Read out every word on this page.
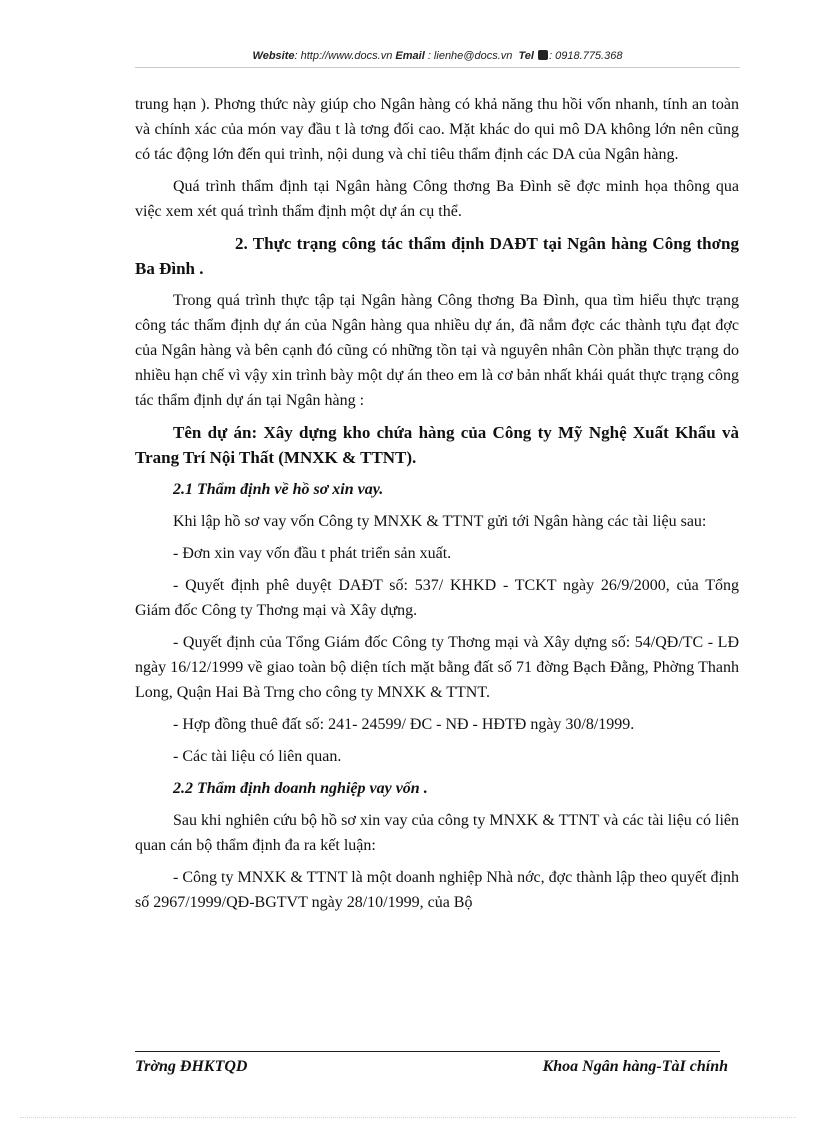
Website: http://www.docs.vn Email : lienhe@docs.vn Tel : 0918.775.368

trung hạn ). Phơng thức này giúp cho Ngân hàng có khả năng thu hồi vốn nhanh, tính an toàn và chính xác của món vay đầu t là tơng đối cao. Mặt khác do qui mô DA không lớn nên cũng có tác động lớn đến qui trình, nội dung và chỉ tiêu thẩm định các DA của Ngân hàng.

Quá trình thẩm định tại Ngân hàng Công thơng Ba Đình sẽ đợc minh họa thông qua việc xem xét quá trình thẩm định một dự án cụ thể.

2. Thực trạng công tác thẩm định DAĐT tại Ngân hàng Công thơng Ba Đình .

Trong quá trình thực tập tại Ngân hàng Công thơng Ba Đình, qua tìm hiểu thực trạng công tác thẩm định dự án của Ngân hàng qua nhiều dự án, đã nắm đợc các thành tựu đạt đợc của Ngân hàng và bên cạnh đó cũng có những tồn tại và nguyên nhân Còn phần thực trạng do nhiều hạn chế vì vậy xin trình bày một dự án theo em là cơ bản nhất khái quát thực trạng công tác thẩm định dự án tại Ngân hàng :

Tên dự án: Xây dựng kho chứa hàng của Công ty Mỹ Nghệ Xuất Khẩu và Trang Trí Nội Thất (MNXK & TTNT).

2.1 Thẩm định về hồ sơ xin vay.

Khi lập hồ sơ vay vốn Công ty MNXK & TTNT gửi tới Ngân hàng các tài liệu sau:

- Đơn xin vay vốn đầu t phát triển sản xuất.

- Quyết định phê duyệt DAĐT số: 537/ KHKD - TCKT ngày 26/9/2000, của Tổng Giám đốc Công ty Thơng mại và Xây dựng.

- Quyết định của Tổng Giám đốc Công ty Thơng mại và Xây dựng số: 54/QĐ/TC - LĐ ngày 16/12/1999 về giao toàn bộ diện tích mặt bằng đất số 71 đờng Bạch Đằng, Phờng Thanh Long, Quận Hai Bà Trng cho công ty MNXK & TTNT.

- Hợp đồng thuê đất số: 241- 24599/ ĐC - NĐ - HĐTĐ ngày 30/8/1999.

- Các tài liệu có liên quan.

2.2 Thẩm định doanh nghiệp vay vốn .

Sau khi nghiên cứu bộ hồ sơ xin vay của công ty MNXK & TTNT và các tài liệu có liên quan cán bộ thẩm định đa ra kết luận:

- Công ty MNXK & TTNT là một doanh nghiệp Nhà nớc, đợc thành lập theo quyết định số 2967/1999/QĐ-BGTVT ngày 28/10/1999, của Bộ

Trờng ĐHKTQD	Khoa Ngân hàng-TàI chính
